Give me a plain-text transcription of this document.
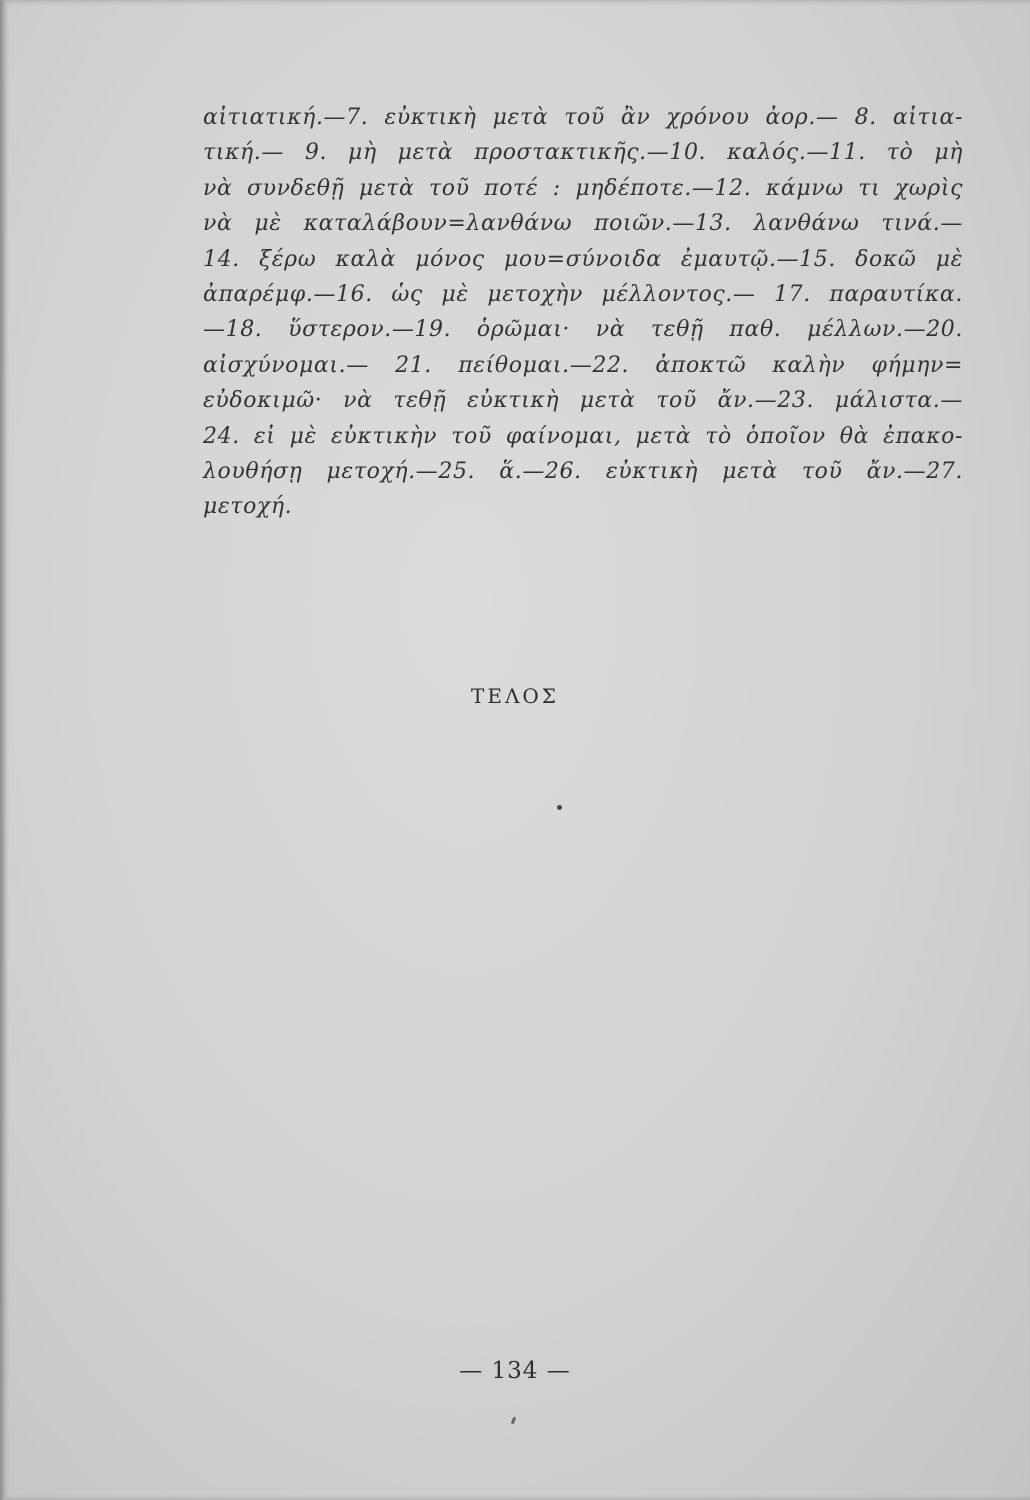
αἰτιατική.—7. εὐκτικὴ μετὰ τοῦ ἂν χρόνου ἀορ.— 8. αἰτια-
τική.— 9. μὴ μετὰ προστακτικῆς.—10. καλός.—11. τὸ μὴ
νὰ συνδεθῇ μετὰ τοῦ ποτέ : μηδέποτε.—12. κάμνω τι χωρὶς
νὰ μὲ καταλάβουν=λανθάνω ποιῶν.—13. λανθάνω τινά.—
14. ξέρω καλὰ μόνος μου=σύνοιδα ἐμαυτῷ.—15. δοκῶ μὲ
ἀπαρέμφ.—16. ὡς μὲ μετοχὴν μέλλοντος.— 17. παραυτίκα.
—18. ὕστερον.—19. ὁρῶμαι· νὰ τεθῇ παθ. μέλλων.—20.
αἰσχύνομαι.— 21. πείθομαι.—22. ἀποκτῶ καλὴν φήμην=
εὐδοκιμῶ· νὰ τεθῇ εὐκτικὴ μετὰ τοῦ ἄν.—23. μάλιστα.—
24. εἰ μὲ εὐκτικὴν τοῦ φαίνομαι, μετὰ τὸ ὁποῖον θὰ ἐπακο-
λουθήσῃ μετοχή.—25. ἅ.—26. εὐκτικὴ μετὰ τοῦ ἄν.—27.
μετοχή.
ΤΕΛΟΣ
— 134 —
